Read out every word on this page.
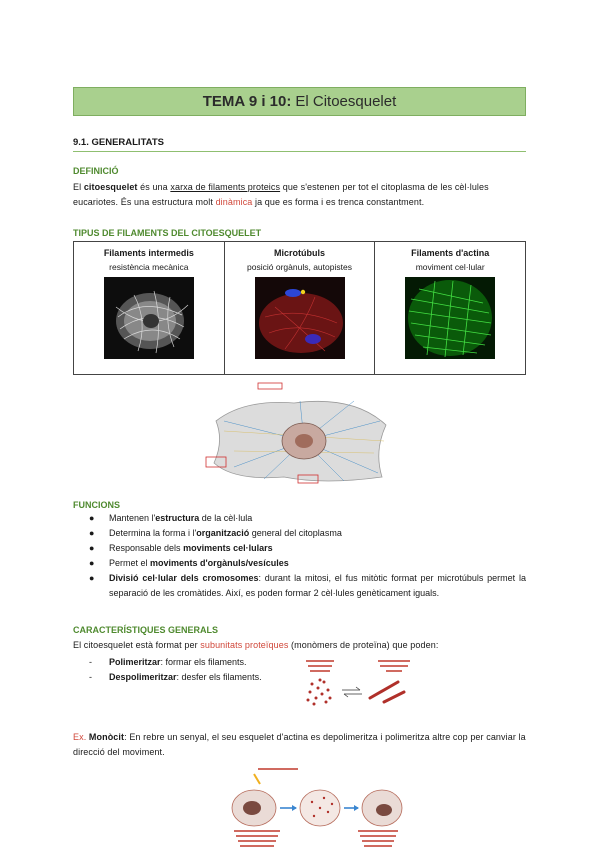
TEMA 9 i 10: El Citoesquelet
9.1. GENERALITATS
DEFINICIÓ
El citoesquelet és una xarxa de filaments proteics que s'estenen per tot el citoplasma de les cèl·lules eucariotes. És una estructura molt dinàmica ja que es forma i es trenca constantment.
TIPUS DE FILAMENTS DEL CITOESQUELET
Filaments intermedis
resistència mecànica
Microtúbuls
posició orgànuls, autopistes
Filaments d'actina
moviment cel·lular
FUNCIONS
● Mantenen l'estructura de la cèl·lula
● Determina la forma i l'organització general del citoplasma
● Responsable dels moviments cel·lulars
● Permet el moviments d'orgànuls/vesícules
● Divisió cel·lular dels cromosomes: durant la mitosi, el fus mitòtic format per microtúbuls permet la separació de les cromàtides. Així, es poden formar 2 cèl·lules genèticament iguals.
CARACTERÍSTIQUES GENERALS
El citoesquelet està format per subunitats proteïques (monòmers de proteïna) que poden:
- Polimeritzar: formar els filaments.
- Despolimeritzar: desfer els filaments.
Ex. Monòcit: En rebre un senyal, el seu esquelet d'actina es depolimeritza i polimeritza altre cop per canviar la direcció del moviment.
